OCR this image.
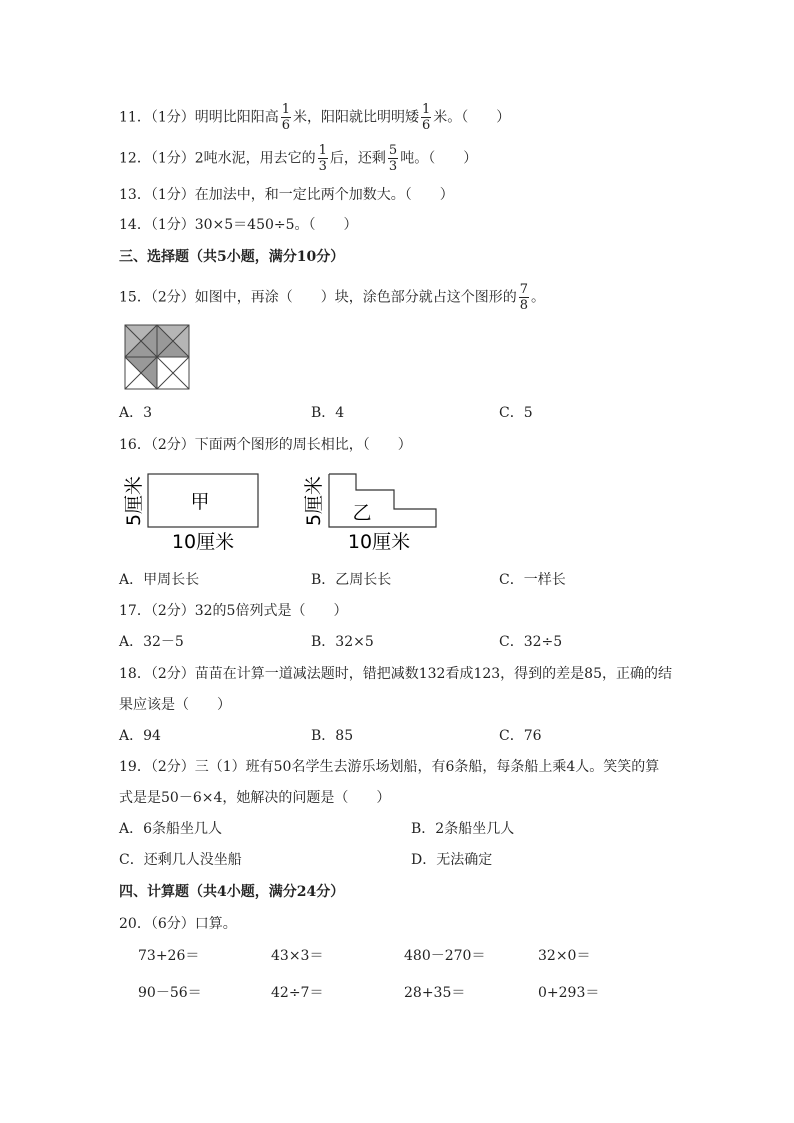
11．（1分）明明比阳阳高 $\frac{1}{6}$ 米，阳阳就比明明矮 $\frac{1}{6}$ 米。（　　）
12．（1分）2吨水泥，用去它的 $\frac{1}{3}$ 后，还剩 $\frac{5}{3}$ 吨。（　　）
13．（1分）在加法中，和一定比两个加数大。（　　）
14．（1分）30×5＝450÷5。（　　）
三、选择题（共5小题，满分10分）
15．（2分）如图中，再涂（　　）块，涂色部分就占这个图形的 $\frac{7}{8}$ 。
A．3	B．4	C．5
16．（2分）下面两个图形的周长相比，（　　）
甲
5厘米
10厘米
乙
5厘米
10厘米
A．甲周长长	B．乙周长长	C．一样长
17．（2分）32的5倍列式是（　　）
A．32－5	B．32×5	C．32÷5
18．（2分）苗苗在计算一道减法题时，错把减数132看成123，得到的差是85，正确的结
果应该是（　　）
A．94	B．85	C．76
19．（2分）三（1）班有50名学生去游乐场划船，有6条船，每条船上乘4人。笑笑的算
式是是50－6×4，她解决的问题是（　　）
A．6条船坐几人	B．2条船坐几人
C．还剩几人没坐船	D．无法确定
四、计算题（共4小题，满分24分）
20．（6分）口算。
73+26＝	43×3＝	480－270＝	32×0＝
90－56＝	42÷7＝	28+35＝	0+293＝
